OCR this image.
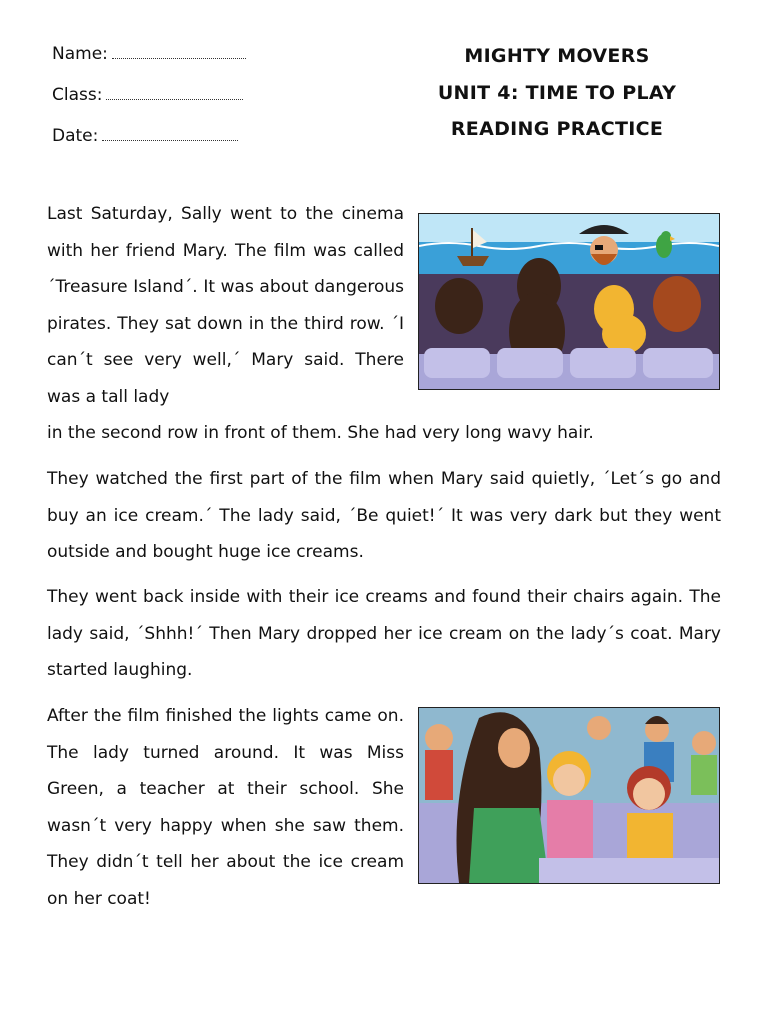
Name:
Class:
Date:
MIGHTY MOVERS
UNIT 4: TIME TO PLAY
READING PRACTICE

Last Saturday, Sally went to the cinema with her friend Mary. The film was called ´Treasure Island´. It was about dangerous pirates. They sat down in the third row. ´I can´t see very well,´ Mary said. There was a tall lady

in the second row in front of them. She had very long wavy hair.

They watched the first part of the film when Mary said quietly, ´Let´s go and buy an ice cream.´ The lady said, ´Be quiet!´ It was very dark but they went outside and bought huge ice creams.

They went back inside with their ice creams and found their chairs again. The lady said, ´Shhh!´ Then Mary dropped her ice cream on the lady´s coat. Mary started laughing.

After the film finished the lights came on. The lady turned around. It was Miss Green, a teacher at their school. She wasn´t very happy when she saw them. They didn´t tell her about the ice cream on her coat!
